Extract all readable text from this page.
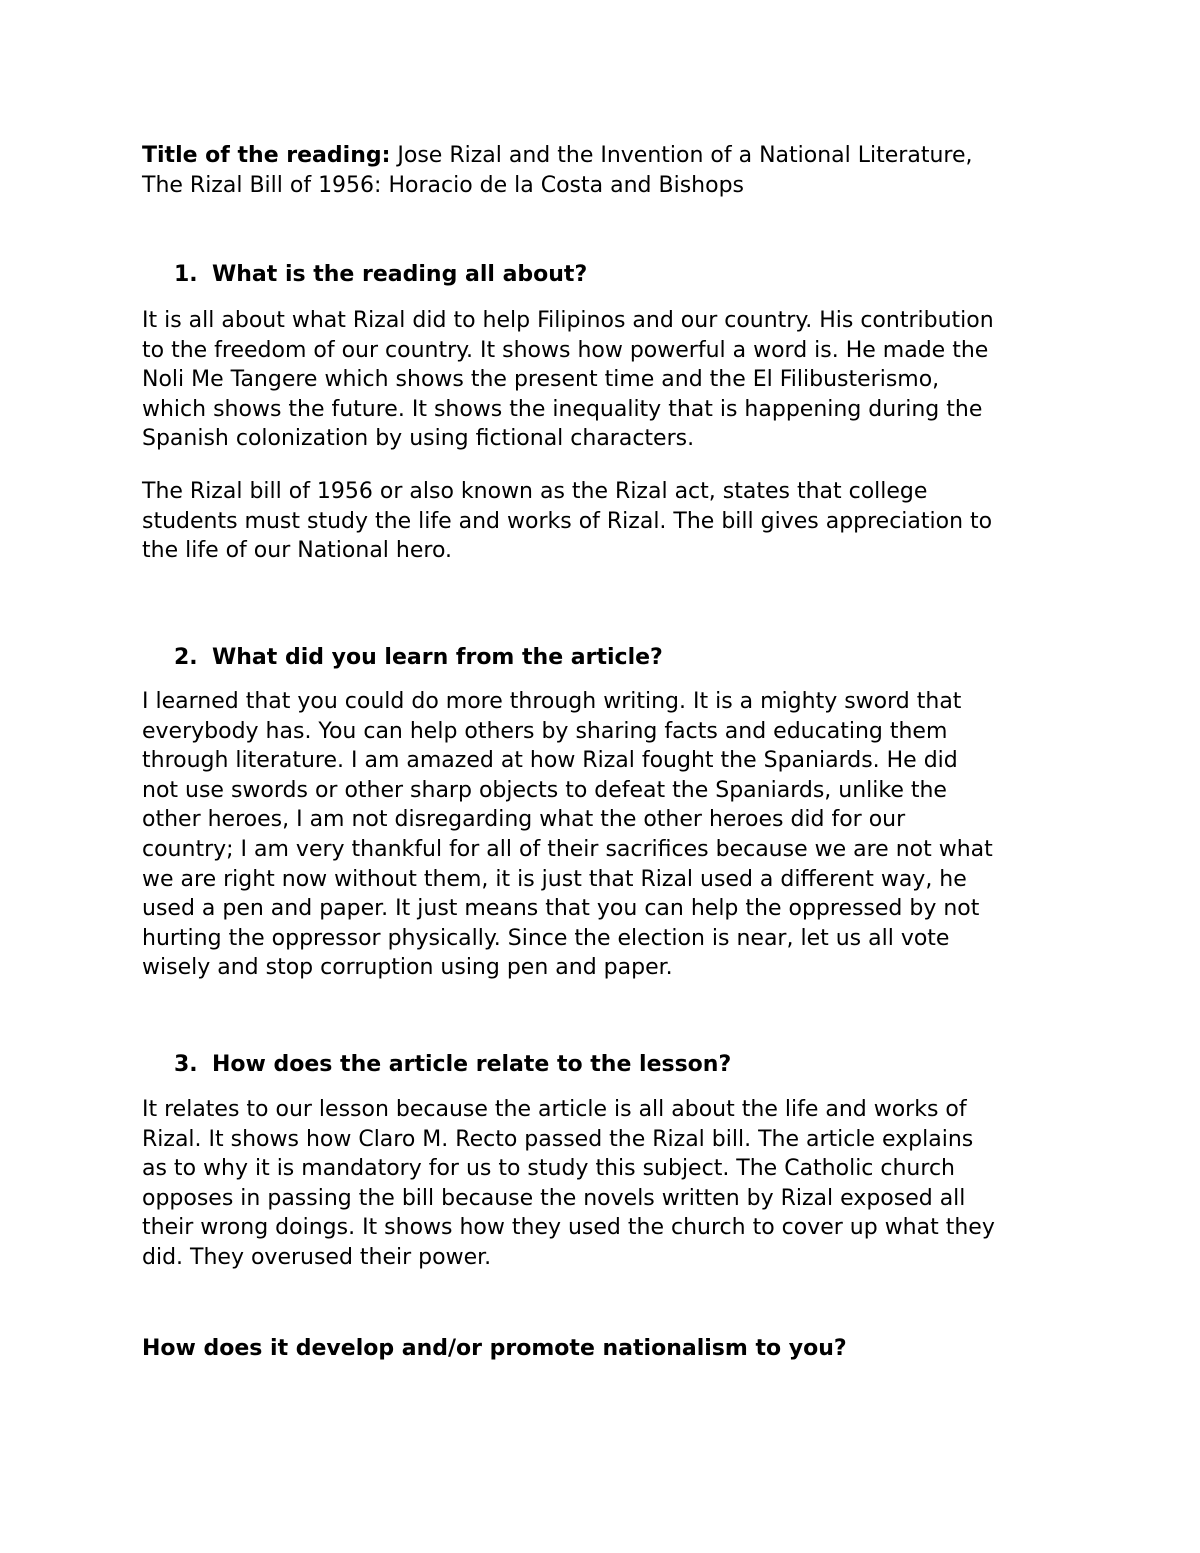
Title of the reading: Jose Rizal and the Invention of a National Literature,
The Rizal Bill of 1956: Horacio de la Costa and Bishops
1. What is the reading all about?
It is all about what Rizal did to help Filipinos and our country. His contribution
to the freedom of our country. It shows how powerful a word is. He made the
Noli Me Tangere which shows the present time and the El Filibusterismo,
which shows the future. It shows the inequality that is happening during the
Spanish colonization by using fictional characters.
The Rizal bill of 1956 or also known as the Rizal act, states that college
students must study the life and works of Rizal. The bill gives appreciation to
the life of our National hero.
2. What did you learn from the article?
I learned that you could do more through writing. It is a mighty sword that
everybody has. You can help others by sharing facts and educating them
through literature. I am amazed at how Rizal fought the Spaniards. He did
not use swords or other sharp objects to defeat the Spaniards, unlike the
other heroes, I am not disregarding what the other heroes did for our
country; I am very thankful for all of their sacrifices because we are not what
we are right now without them, it is just that Rizal used a different way, he
used a pen and paper. It just means that you can help the oppressed by not
hurting the oppressor physically. Since the election is near, let us all vote
wisely and stop corruption using pen and paper.
3. How does the article relate to the lesson?
It relates to our lesson because the article is all about the life and works of
Rizal. It shows how Claro M. Recto passed the Rizal bill. The article explains
as to why it is mandatory for us to study this subject. The Catholic church
opposes in passing the bill because the novels written by Rizal exposed all
their wrong doings. It shows how they used the church to cover up what they
did. They overused their power.
How does it develop and/or promote nationalism to you?
